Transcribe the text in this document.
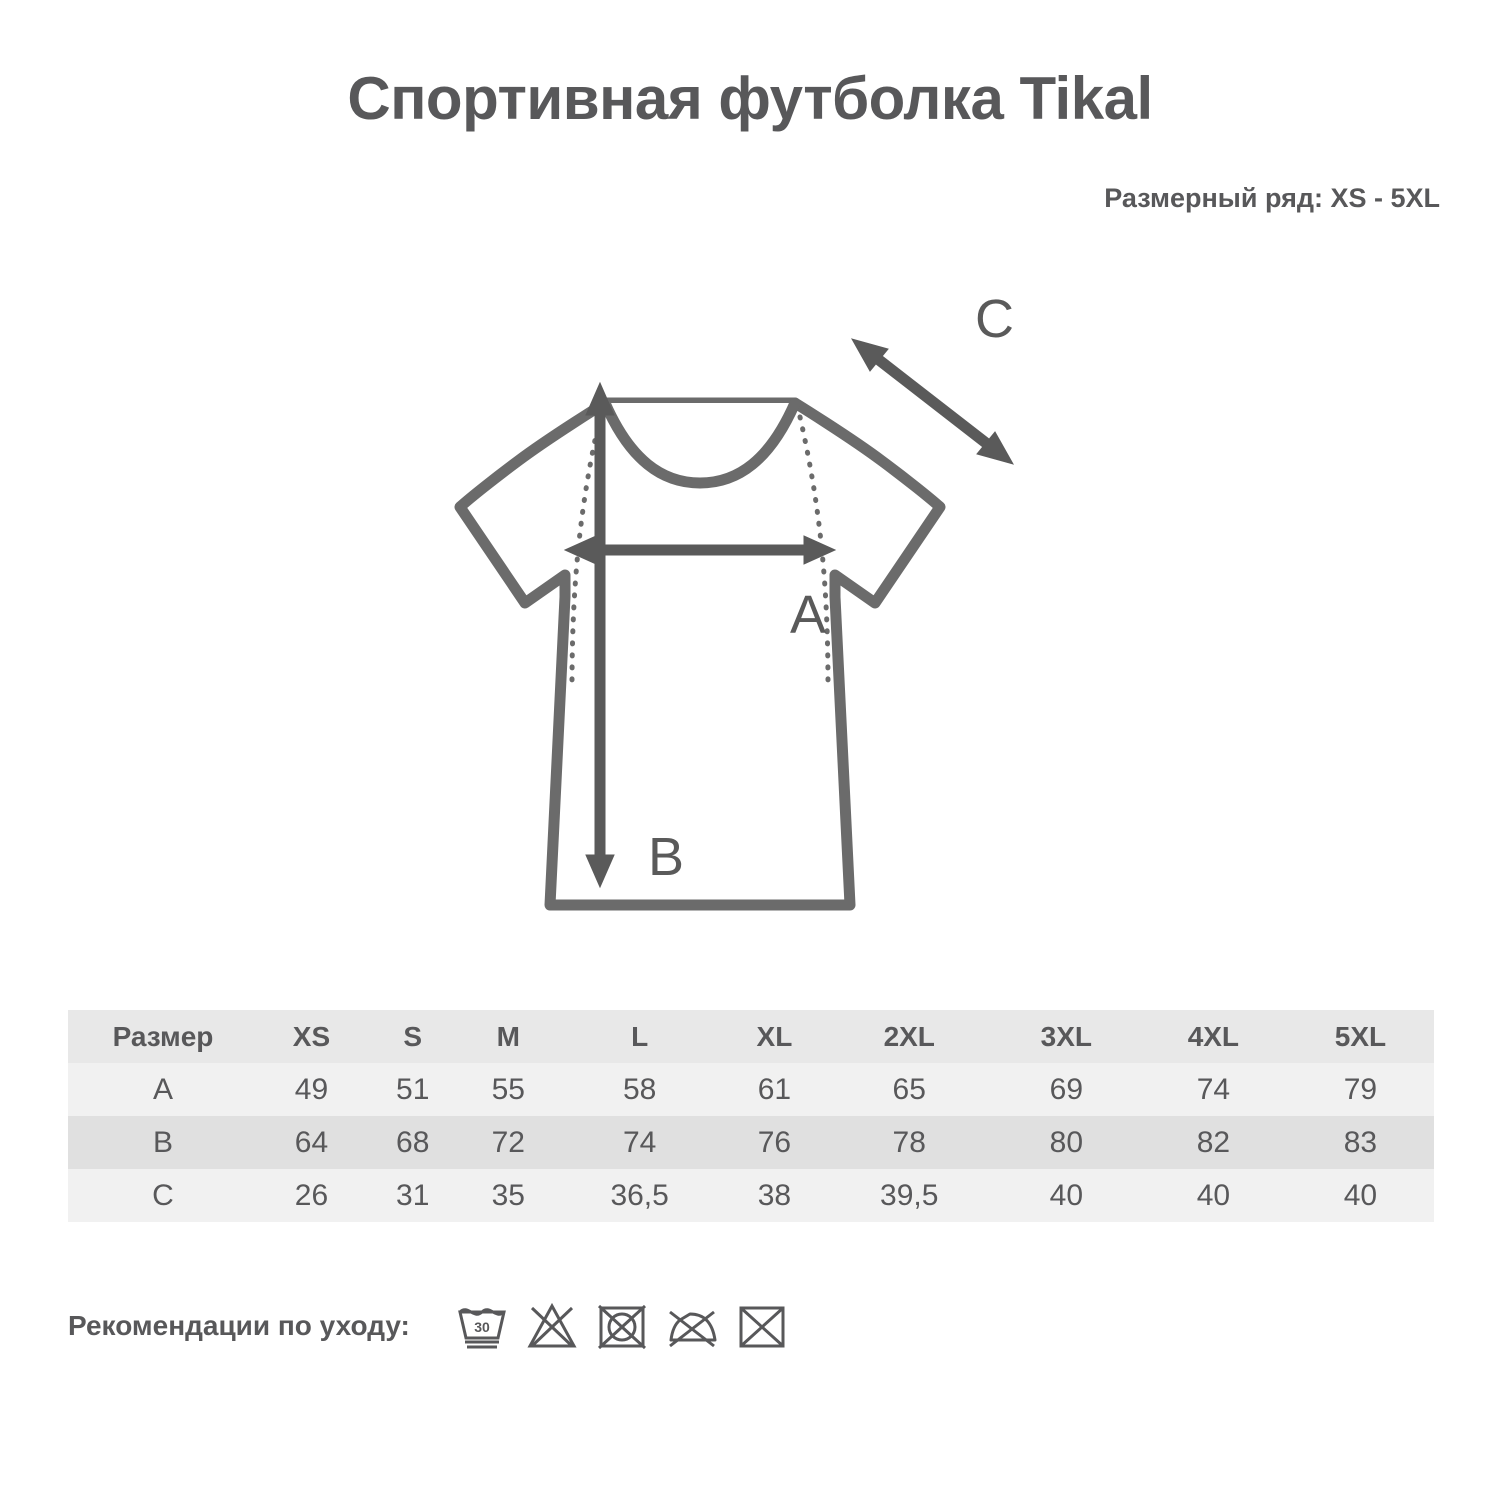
Спортивная футболка Tikal
Размерный ряд: XS - 5XL
A
B
C
Размер	XS	S	M	L	XL	2XL	3XL	4XL	5XL
A	49	51	55	58	61	65	69	74	79
B	64	68	72	74	76	78	80	82	83
C	26	31	35	36,5	38	39,5	40	40	40
Рекомендации по уходу:	30
